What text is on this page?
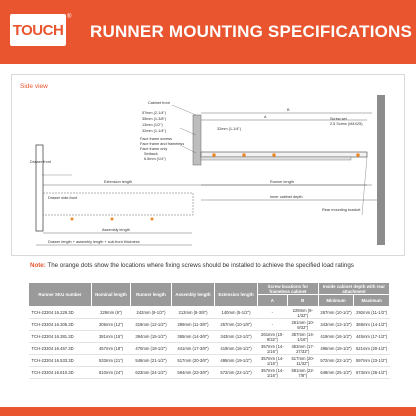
TOUCH
®
RUNNER MOUNTING SPECIFICATIONS
Side view
Cabinet front
57mm (2-1/4")
35mm (1-3/8")
13mm (1/2")
32mm (1-1/4")
Face frame screws
Face frame and frameless
Face frame only
Setback
6.5mm (1/4")
32mm (1-1/4")
Screw set
2.5 Screw (M4X25)
A
B
Drawer front
Extension length	Runner length
Drawer side-front	Inner cabinet depth
Rear mounting bracket
Assembly length
Drawer length + assembly length + sub-front thickness
Note: The orange dots show the locations where fixing screws should be installed to achieve the specified load ratings
Runner SKU number	Nominal length	Runner length	Assembly length	Extension length	Screw locations for frameless cabinet		Inside cabinet depth with rear attachment	
					A	B	Minimum	Maximum
TCH-23304 16.229.3D	229mm (9")	242mm (9-1/2")	213mm (8-3/8")	140mm (5-1/2")	-	229mm (9-1/32")	267mm (10-1/2")	292mm (11-1/2")
TCH-23304 16.305.3D	305mm (12")	318mm (12-1/2")	289mm (11-3/8")	257mm (10-1/8")	-	261mm (10-9/32")	343mm (13-1/2")	368mm (14-1/2")
TCH-23304 16.381.3D	381mm (15")	394mm (15-1/2")	365mm (14-3/8")	343mm (13-1/2")	261mm (10-9/32")	357mm (14-1/16")	419mm (16-1/2")	445mm (17-1/2")
TCH-23304 16.457.3D	457mm (18")	470mm (18-1/2")	441mm (17-3/8")	419mm (16-1/2")	357mm (14-1/16")	453mm (17-27/32")	495mm (19-1/2")	521mm (20-1/2")
TCH-23304 16.533.3D	533mm (21")	546mm (21-1/2")	517mm (20-3/8")	495mm (19-1/2")	357mm (14-1/16")	517mm (20-11/32")	572mm (22-1/2")	597mm (23-1/2")
TCH-23304 16.610.3D	610mm (24")	623mm (24-1/2")	594mm (23-3/8")	572mm (22-1/2")	357mm (14-1/16")	581mm (22-7/8")	648mm (25-1/2")	673mm (26-1/2")
